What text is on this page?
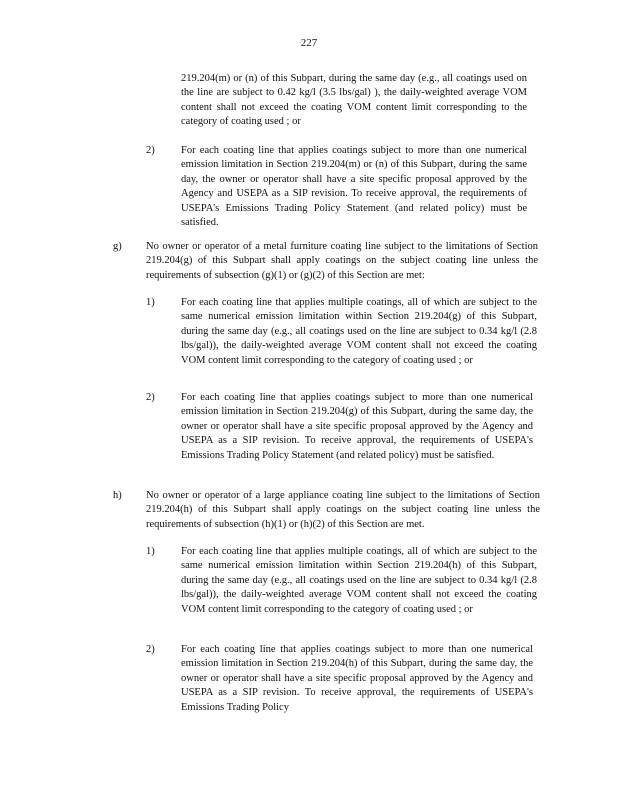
227

219.204(m) or (n) of this Subpart, during the same day (e.g., all coatings used on the line are subject to 0.42 kg/l (3.5 lbs/gal) ), the daily-weighted average VOM content shall not exceed the coating VOM content limit corresponding to the category of coating used ; or

2)	For each coating line that applies coatings subject to more than one numerical emission limitation in Section 219.204(m) or (n) of this Subpart, during the same day, the owner or operator shall have a site specific proposal approved by the Agency and USEPA as a SIP revision. To receive approval, the requirements of USEPA's Emissions Trading Policy Statement (and related policy) must be satisfied.

g) No owner or operator of a metal furniture coating line subject to the limitations of Section 219.204(g) of this Subpart shall apply coatings on the subject coating line unless the requirements of subsection (g)(1) or (g)(2) of this Section are met:

1)	For each coating line that applies multiple coatings, all of which are subject to the same numerical emission limitation within Section 219.204(g) of this Subpart, during the same day (e.g., all coatings used on the line are subject to 0.34 kg/l (2.8 lbs/gal)), the daily-weighted average VOM content shall not exceed the coating VOM content limit corresponding to the category of coating used ; or

2)	For each coating line that applies coatings subject to more than one numerical emission limitation in Section 219.204(g) of this Subpart, during the same day, the owner or operator shall have a site specific proposal approved by the Agency and USEPA as a SIP revision. To receive approval, the requirements of USEPA's Emissions Trading Policy Statement (and related policy) must be satisfied.

h) No owner or operator of a large appliance coating line subject to the limitations of Section 219.204(h) of this Subpart shall apply coatings on the subject coating line unless the requirements of subsection (h)(1) or (h)(2) of this Section are met.

1)	For each coating line that applies multiple coatings, all of which are subject to the same numerical emission limitation within Section 219.204(h) of this Subpart, during the same day (e.g., all coatings used on the line are subject to 0.34 kg/l (2.8 lbs/gal)), the daily-weighted average VOM content shall not exceed the coating VOM content limit corresponding to the category of coating used ; or

2)	For each coating line that applies coatings subject to more than one numerical emission limitation in Section 219.204(h) of this Subpart, during the same day, the owner or operator shall have a site specific proposal approved by the Agency and USEPA as a SIP revision. To receive approval, the requirements of USEPA's Emissions Trading Policy
